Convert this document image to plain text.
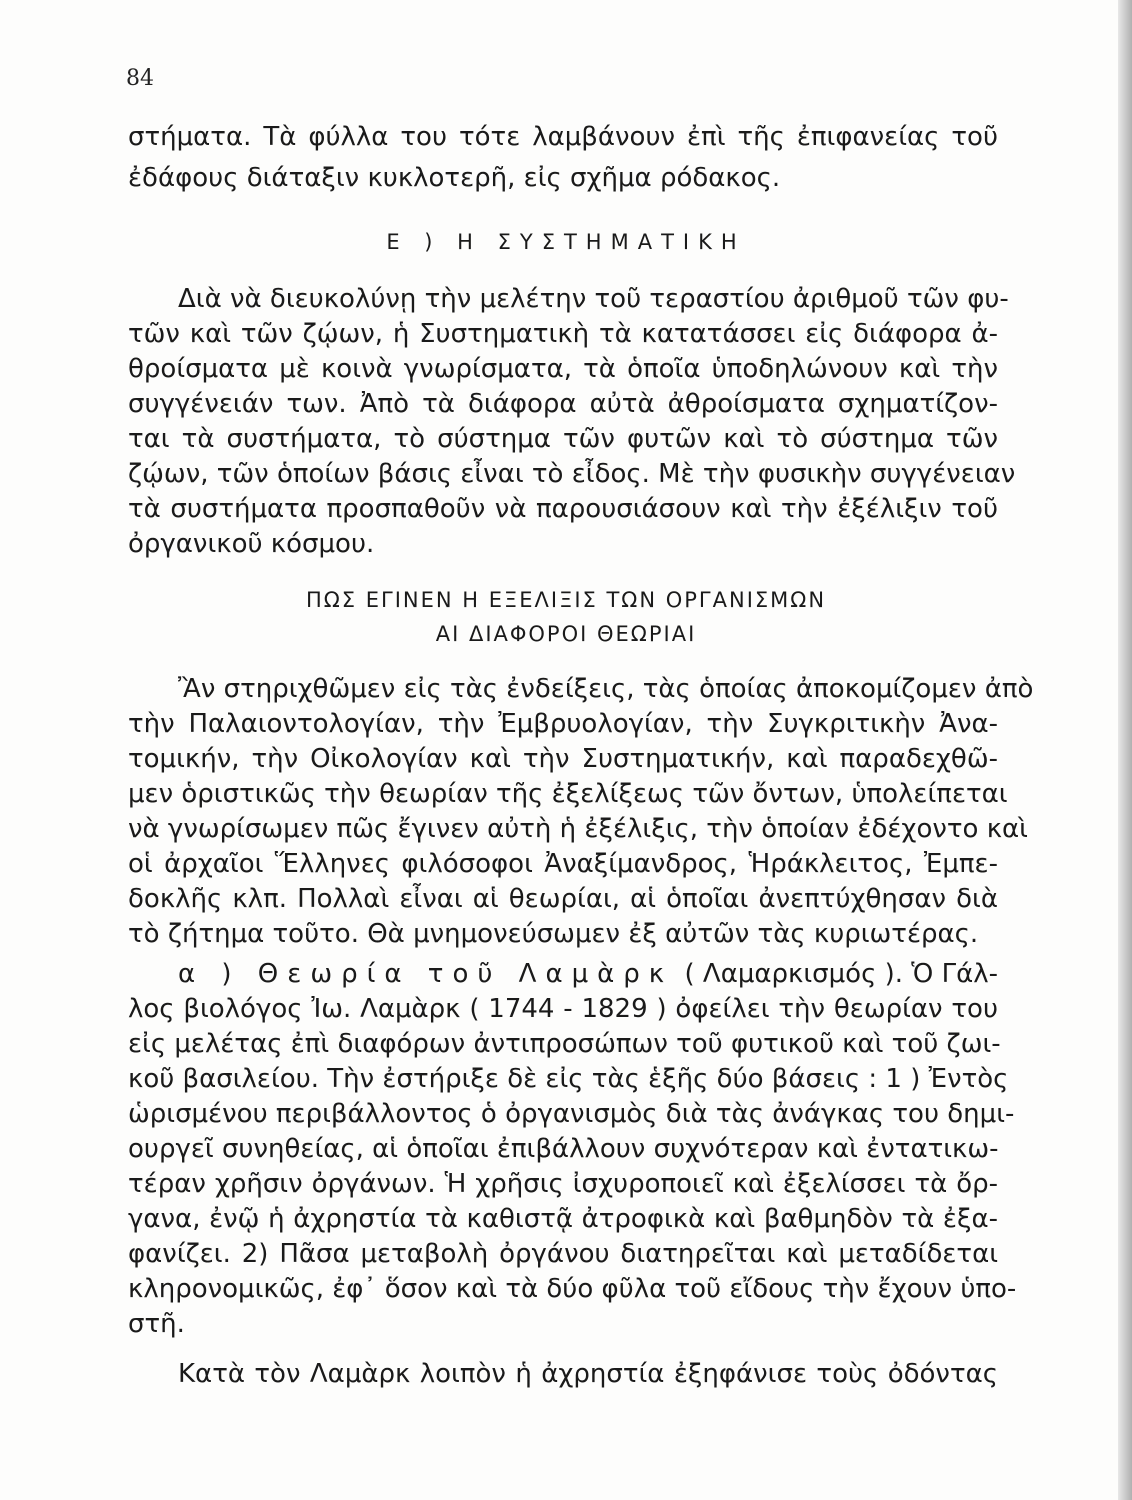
84
στήματα. Τὰ φύλλα του τότε λαμβάνουν ἐπὶ τῆς ἐπιφανείας τοῦ
ἐδάφους διάταξιν κυκλοτερῆ, εἰς σχῆμα ρόδακος.
Ε ) Η ΣΥΣΤΗΜΑΤΙΚΗ
Διὰ νὰ διευκολύνῃ τὴν μελέτην τοῦ τεραστίου ἀριθμοῦ τῶν φυ-
τῶν καὶ τῶν ζῴων, ἡ Συστηματικὴ τὰ κατατάσσει εἰς διάφορα ἀ-
θροίσματα μὲ κοινὰ γνωρίσματα, τὰ ὁποῖα ὑποδηλώνουν καὶ τὴν
συγγένειάν των. Ἀπὸ τὰ διάφορα αὐτὰ ἀθροίσματα σχηματίζον-
ται τὰ συστήματα, τὸ σύστημα τῶν φυτῶν καὶ τὸ σύστημα τῶν
ζῴων, τῶν ὁποίων βάσις εἶναι τὸ εἶδος. Μὲ τὴν φυσικὴν συγγένειαν
τὰ συστήματα προσπαθοῦν νὰ παρουσιάσουν καὶ τὴν ἐξέλιξιν τοῦ
ὀργανικοῦ κόσμου.
ΠΩΣ ΕΓΙΝΕΝ Η ΕΞΕΛΙΞΙΣ ΤΩΝ ΟΡΓΑΝΙΣΜΩΝ
ΑΙ ΔΙΑΦΟΡΟΙ ΘΕΩΡΙΑΙ
Ἂν στηριχθῶμεν εἰς τὰς ἐνδείξεις, τὰς ὁποίας ἀποκομίζομεν ἀπὸ
τὴν Παλαιοντολογίαν, τὴν Ἐμβρυολογίαν, τὴν Συγκριτικὴν Ἀνα-
τομικήν, τὴν Οἰκολογίαν καὶ τὴν Συστηματικήν, καὶ παραδεχθῶ-
μεν ὁριστικῶς τὴν θεωρίαν τῆς ἐξελίξεως τῶν ὄντων, ὑπολείπεται
νὰ γνωρίσωμεν πῶς ἔγινεν αὐτὴ ἡ ἐξέλιξις, τὴν ὁποίαν ἐδέχοντο καὶ
οἱ ἀρχαῖοι Ἕλληνες φιλόσοφοι Ἀναξίμανδρος, Ἡράκλειτος, Ἐμπε-
δοκλῆς κλπ. Πολλαὶ εἶναι αἱ θεωρίαι, αἱ ὁποῖαι ἀνεπτύχθησαν διὰ
τὸ ζήτημα τοῦτο. Θὰ μνημονεύσωμεν ἐξ αὐτῶν τὰς κυριωτέρας.
α ) Θεωρία τοῦ Λαμὰρκ ( Λαμαρκισμός ). Ὁ Γάλ-
λος βιολόγος Ἰω. Λαμὰρκ ( 1744 - 1829 ) ὀφείλει τὴν θεωρίαν του
εἰς μελέτας ἐπὶ διαφόρων ἀντιπροσώπων τοῦ φυτικοῦ καὶ τοῦ ζωι-
κοῦ βασιλείου. Τὴν ἐστήριξε δὲ εἰς τὰς ἑξῆς δύο βάσεις : 1 ) Ἐντὸς
ὡρισμένου περιβάλλοντος ὁ ὀργανισμὸς διὰ τὰς ἀνάγκας του δημι-
ουργεῖ συνηθείας, αἱ ὁποῖαι ἐπιβάλλουν συχνότεραν καὶ ἐντατικω-
τέραν χρῆσιν ὀργάνων. Ἡ χρῆσις ἰσχυροποιεῖ καὶ ἐξελίσσει τὰ ὄρ-
γανα, ἐνῷ ἡ ἀχρηστία τὰ καθιστᾷ ἀτροφικὰ καὶ βαθμηδὸν τὰ ἐξα-
φανίζει. 2) Πᾶσα μεταβολὴ ὀργάνου διατηρεῖται καὶ μεταδίδεται
κληρονομικῶς, ἐφ᾽ ὅσον καὶ τὰ δύο φῦλα τοῦ εἴδους τὴν ἔχουν ὑπο-
στῆ.
Κατὰ τὸν Λαμὰρκ λοιπὸν ἡ ἀχρηστία ἐξηφάνισε τοὺς ὀδόντας
